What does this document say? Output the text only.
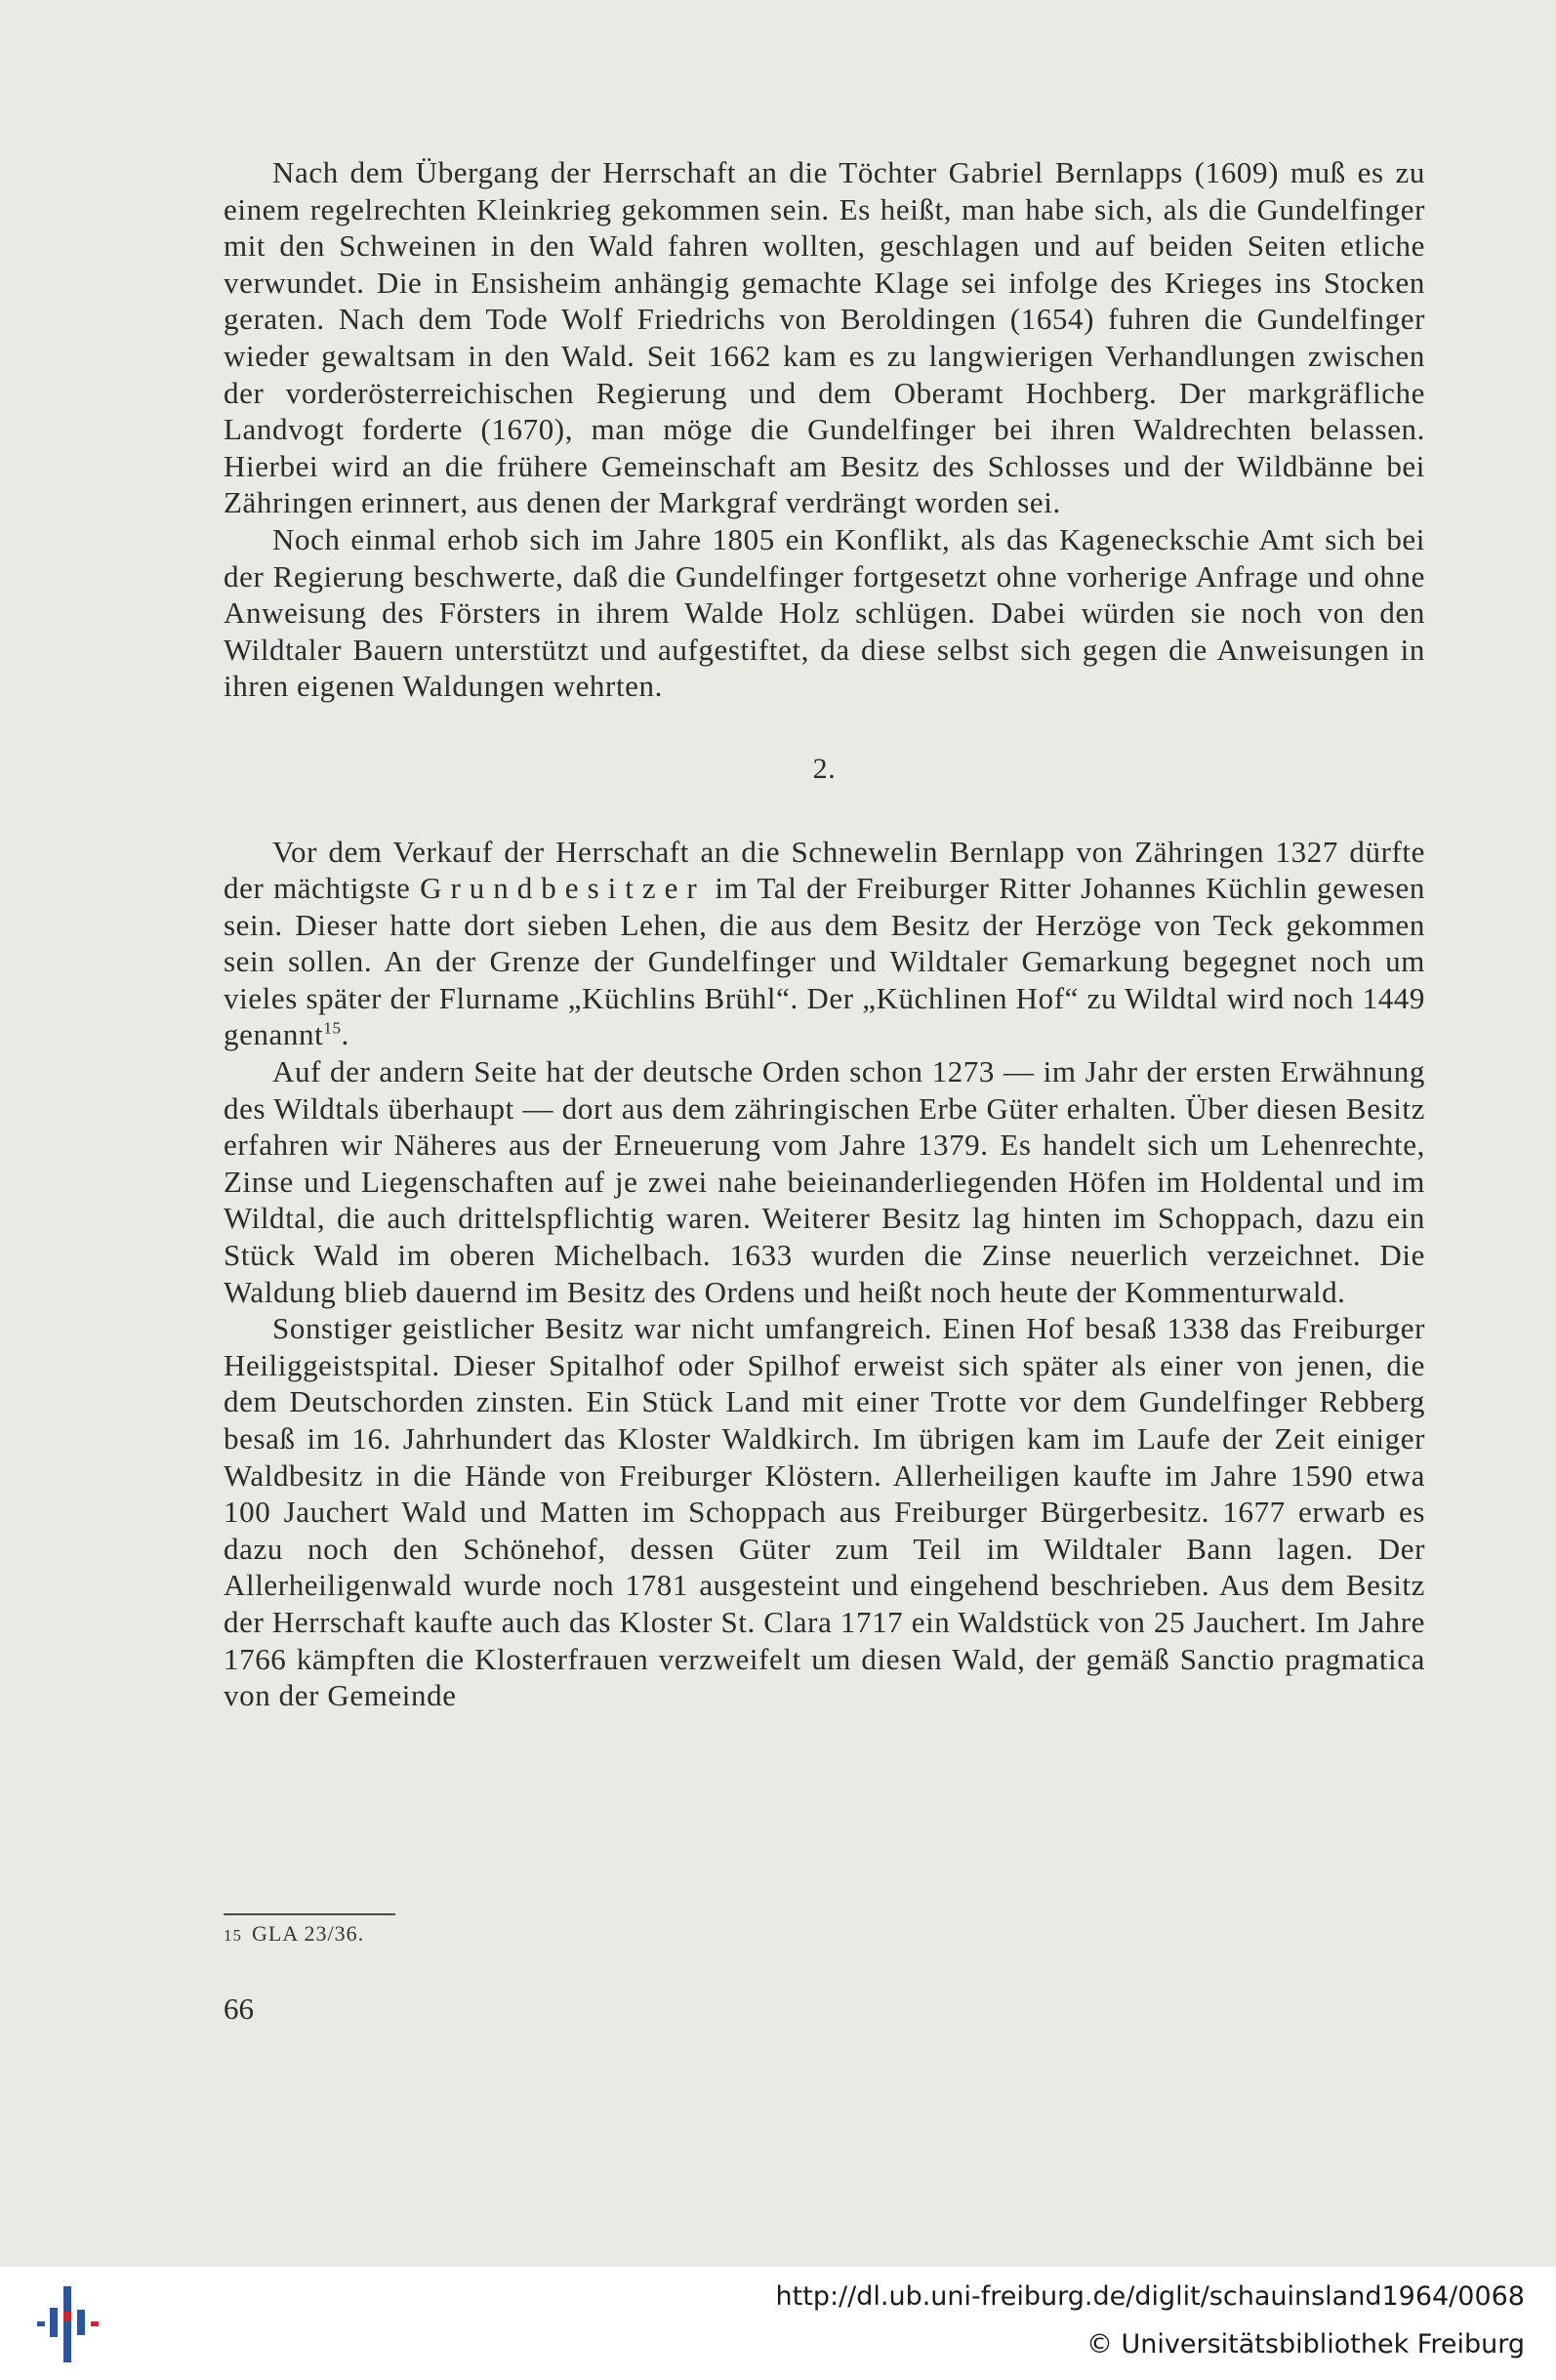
Nach dem Übergang der Herrschaft an die Töchter Gabriel Bernlapps (1609) muß es zu einem regelrechten Kleinkrieg gekommen sein. Es heißt, man habe sich, als die Gundelfinger mit den Schweinen in den Wald fahren wollten, geschlagen und auf beiden Seiten etliche verwundet. Die in Ensisheim anhängig gemachte Klage sei infolge des Krieges ins Stocken geraten. Nach dem Tode Wolf Friedrichs von Beroldingen (1654) fuhren die Gundelfinger wieder gewaltsam in den Wald. Seit 1662 kam es zu langwierigen Verhandlungen zwischen der vorderösterreichischen Regierung und dem Oberamt Hochberg. Der markgräfliche Landvogt forderte (1670), man möge die Gundelfinger bei ihren Waldrechten belassen. Hierbei wird an die frühere Gemeinschaft am Besitz des Schlosses und der Wildbänne bei Zähringen erinnert, aus denen der Markgraf verdrängt worden sei.

Noch einmal erhob sich im Jahre 1805 ein Konflikt, als das Kageneckschie Amt sich bei der Regierung beschwerte, daß die Gundelfinger fortgesetzt ohne vorherige Anfrage und ohne Anweisung des Försters in ihrem Walde Holz schlügen. Dabei würden sie noch von den Wildtaler Bauern unterstützt und aufgestiftet, da diese selbst sich gegen die Anweisungen in ihren eigenen Waldungen wehrten.

2.

Vor dem Verkauf der Herrschaft an die Schnewelin Bernlapp von Zähringen 1327 dürfte der mächtigste Grundbesitzer im Tal der Freiburger Ritter Johannes Küchlin gewesen sein. Dieser hatte dort sieben Lehen, die aus dem Besitz der Herzöge von Teck gekommen sein sollen. An der Grenze der Gundelfinger und Wildtaler Gemarkung begegnet noch um vieles später der Flurname „Küchlins Brühl“. Der „Küchlinen Hof“ zu Wildtal wird noch 1449 genannt$^{15}$.

Auf der andern Seite hat der deutsche Orden schon 1273 — im Jahr der ersten Erwähnung des Wildtals überhaupt — dort aus dem zähringischen Erbe Güter erhalten. Über diesen Besitz erfahren wir Näheres aus der Erneuerung vom Jahre 1379. Es handelt sich um Lehenrechte, Zinse und Liegenschaften auf je zwei nahe beieinanderliegenden Höfen im Holdental und im Wildtal, die auch drittelspflichtig waren. Weiterer Besitz lag hinten im Schoppach, dazu ein Stück Wald im oberen Michelbach. 1633 wurden die Zinse neuerlich verzeichnet. Die Waldung blieb dauernd im Besitz des Ordens und heißt noch heute der Kommenturwald.

Sonstiger geistlicher Besitz war nicht umfangreich. Einen Hof besaß 1338 das Freiburger Heiliggeistspital. Dieser Spitalhof oder Spilhof erweist sich später als einer von jenen, die dem Deutschorden zinsten. Ein Stück Land mit einer Trotte vor dem Gundelfinger Rebberg besaß im 16. Jahrhundert das Kloster Waldkirch. Im übrigen kam im Laufe der Zeit einiger Waldbesitz in die Hände von Freiburger Klöstern. Allerheiligen kaufte im Jahre 1590 etwa 100 Jauchert Wald und Matten im Schoppach aus Freiburger Bürgerbesitz. 1677 erwarb es dazu noch den Schönehof, dessen Güter zum Teil im Wildtaler Bann lagen. Der Allerheiligenwald wurde noch 1781 ausgesteint und eingehend beschrieben. Aus dem Besitz der Herrschaft kaufte auch das Kloster St. Clara 1717 ein Waldstück von 25 Jauchert. Im Jahre 1766 kämpften die Klosterfrauen verzweifelt um diesen Wald, der gemäß Sanctio pragmatica von der Gemeinde

15 GLA 23/36.
66
http://dl.ub.uni-freiburg.de/diglit/schauinsland1964/0068
© Universitätsbibliothek Freiburg
